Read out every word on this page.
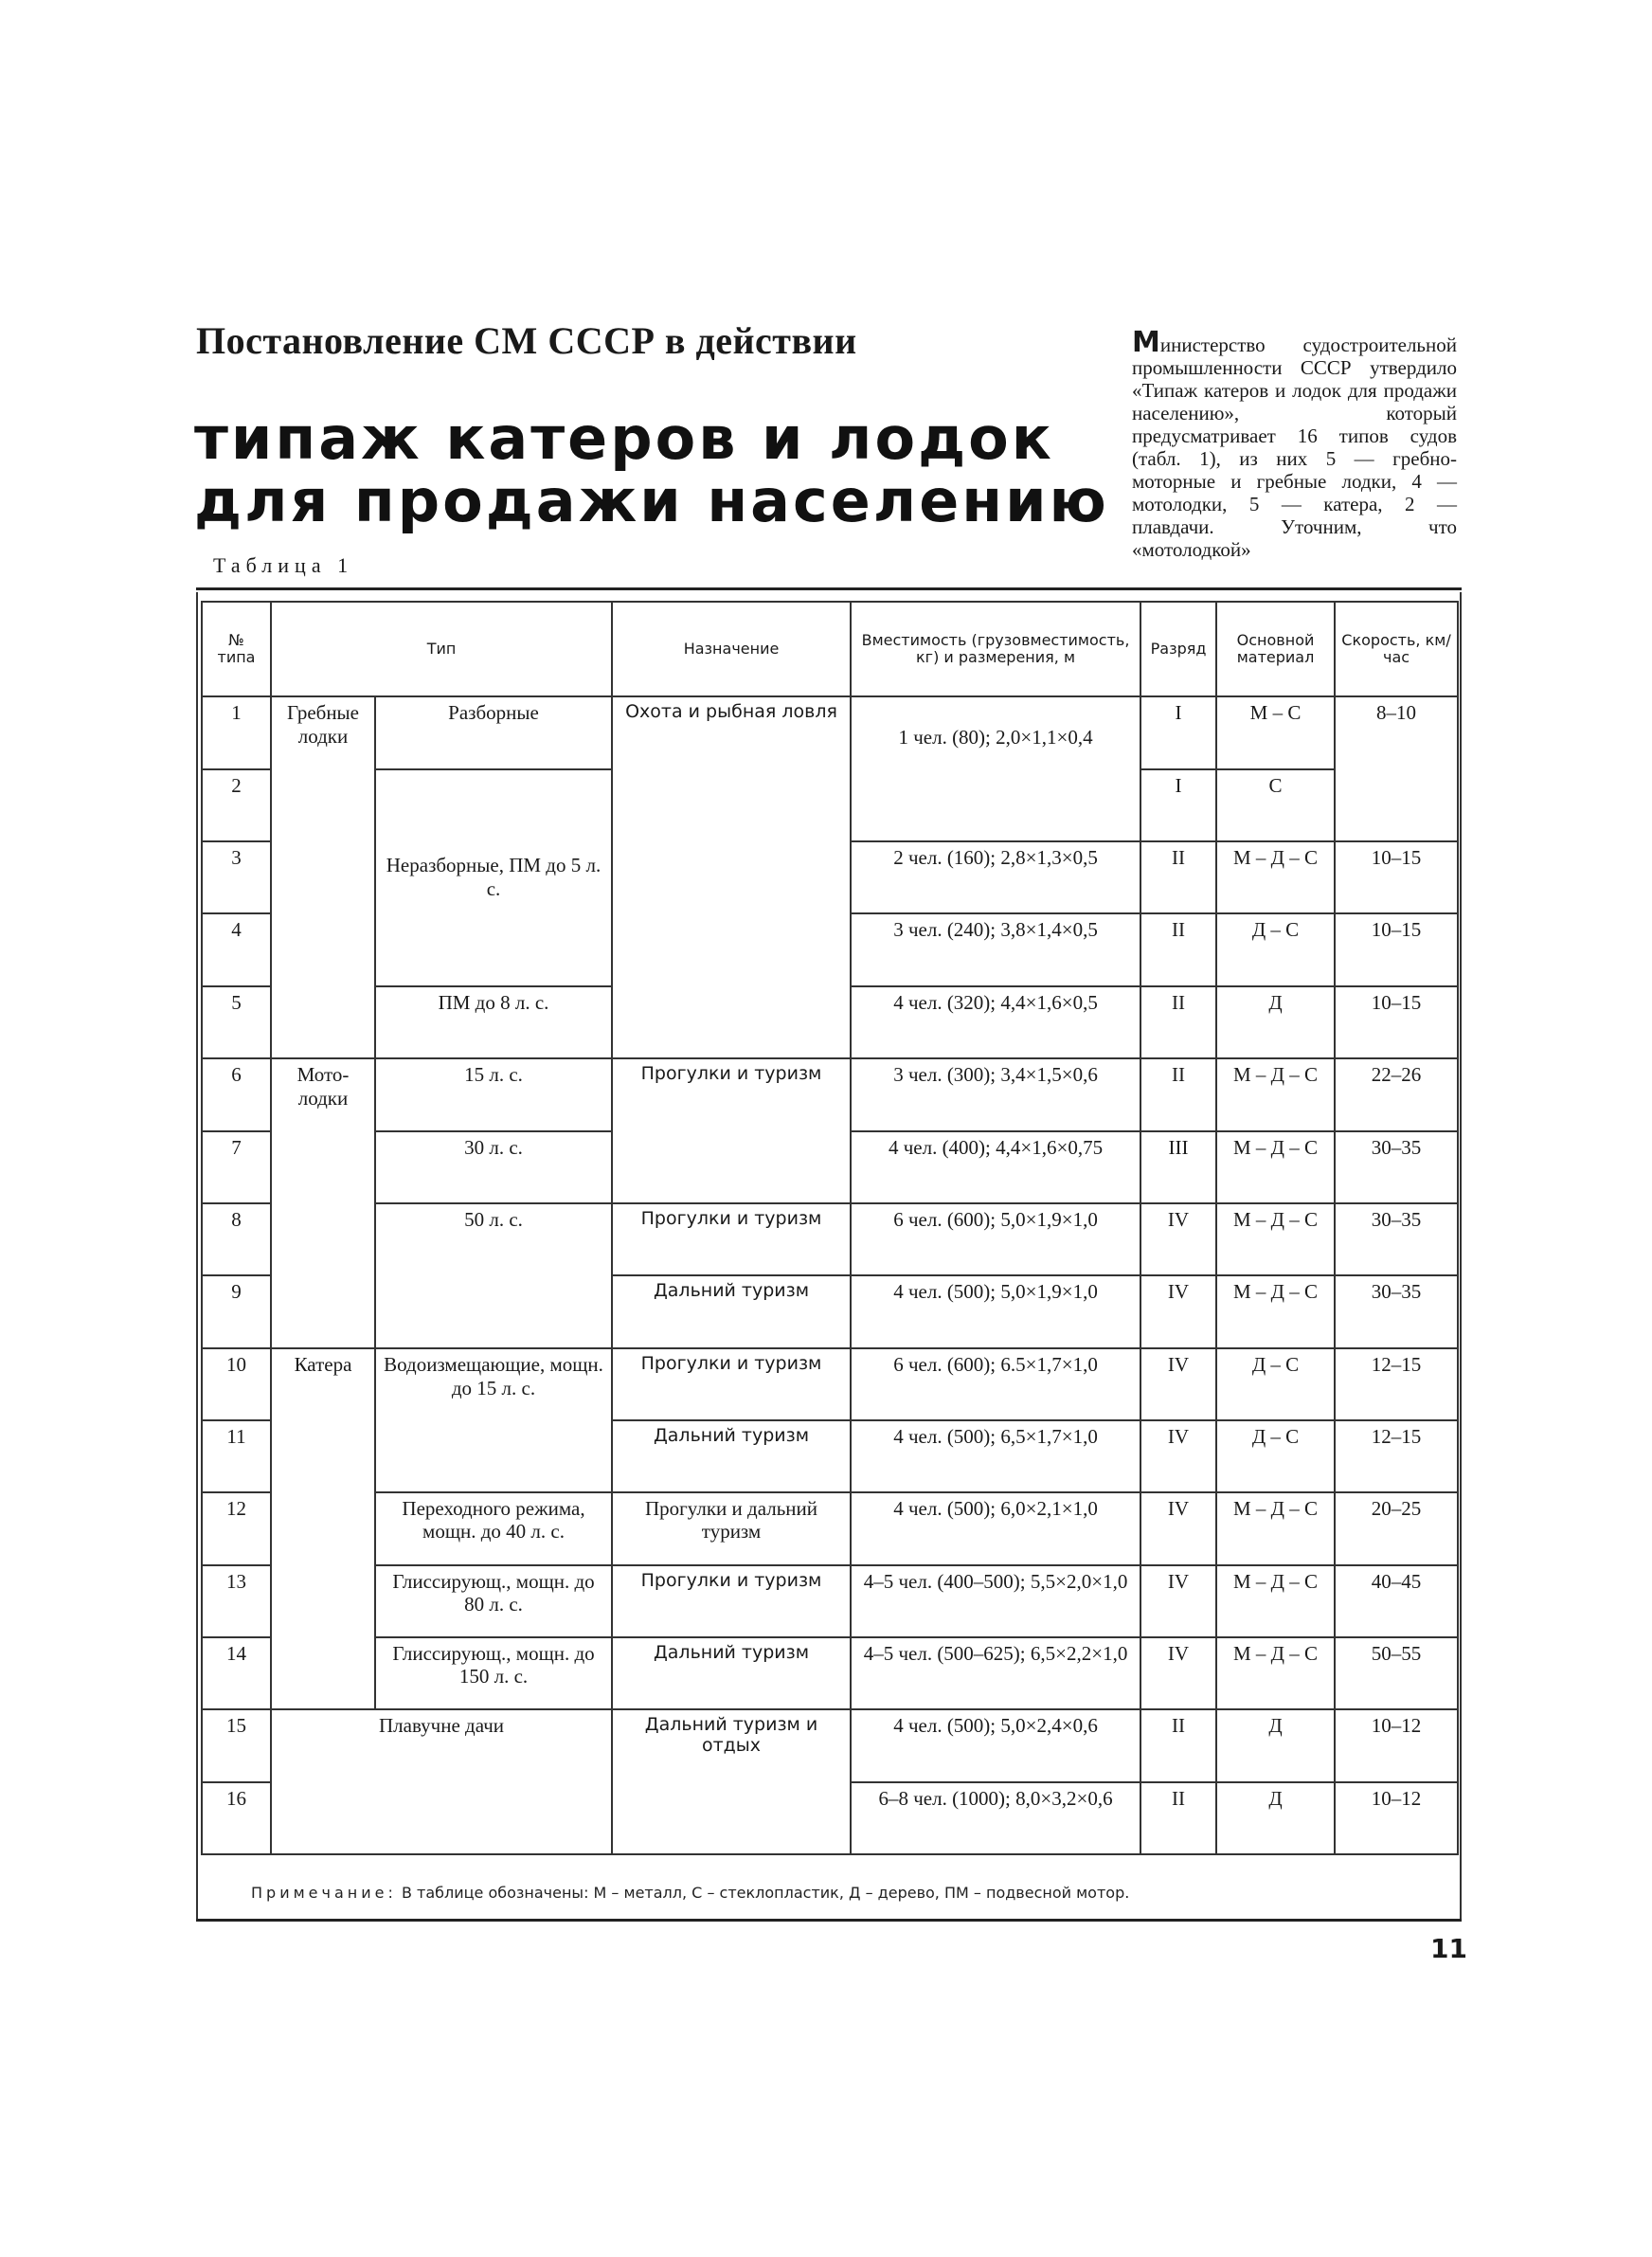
Постановление СМ СССР в действии
типаж катеров и лодок
для продажи населению
Министерство судостроительной промышленности СССР утвердило «Типаж катеров и лодок для продажи населению», который предусматривает 16 типов судов (табл. 1), из них 5 — гребно-моторные и гребные лодки, 4 — мотолодки, 5 — катера, 2 — плавдачи. Уточним, что «мотолодкой»
Таблица 1
№ типа	Тип		Назначение	Вместимость (грузовместимость, кг) и размерения, м	Разряд	Основной материал	Скорость, км/час
1	Гребные лодки	Разборные	Охота и рыбная ловля	1 чел. (80); 2,0×1,1×0,4	I	М – С	8–10
2		Неразборные, ПМ до 5 л. с.			I	С	
3				2 чел. (160); 2,8×1,3×0,5	II	М – Д – С	10–15
4				3 чел. (240); 3,8×1,4×0,5	II	Д – С	10–15
5		ПМ до 8 л. с.		4 чел. (320); 4,4×1,6×0,5	II	Д	10–15
6	Мото-лодки	15 л. с.	Прогулки и туризм	3 чел. (300); 3,4×1,5×0,6	II	М – Д – С	22–26
7		30 л. с.		4 чел. (400); 4,4×1,6×0,75	III	М – Д – С	30–35
8		50 л. с.	Прогулки и туризм	6 чел. (600); 5,0×1,9×1,0	IV	М – Д – С	30–35
9			Дальний туризм	4 чел. (500); 5,0×1,9×1,0	IV	М – Д – С	30–35
10	Катера	Водоизмещающие, мощн. до 15 л. с.	Прогулки и туризм	6 чел. (600); 6.5×1,7×1,0	IV	Д – С	12–15
11			Дальний туризм	4 чел. (500); 6,5×1,7×1,0	IV	Д – С	12–15
12		Переходного режима, мощн. до 40 л. с.	Прогулки и дальний туризм	4 чел. (500); 6,0×2,1×1,0	IV	М – Д – С	20–25
13		Глиссирующ., мощн. до 80 л. с.	Прогулки и туризм	4–5 чел. (400–500); 5,5×2,0×1,0	IV	М – Д – С	40–45
14		Глиссирующ., мощн. до 150 л. с.	Дальний туризм	4–5 чел. (500–625); 6,5×2,2×1,0	IV	М – Д – С	50–55
15	Плавучне дачи		Дальний туризм и отдых	4 чел. (500); 5,0×2,4×0,6	II	Д	10–12
16				6–8 чел. (1000); 8,0×3,2×0,6	II	Д	10–12
Примечание: В таблице обозначены: М – металл, С – стеклопластик, Д – дерево, ПМ – подвесной мотор.
11
